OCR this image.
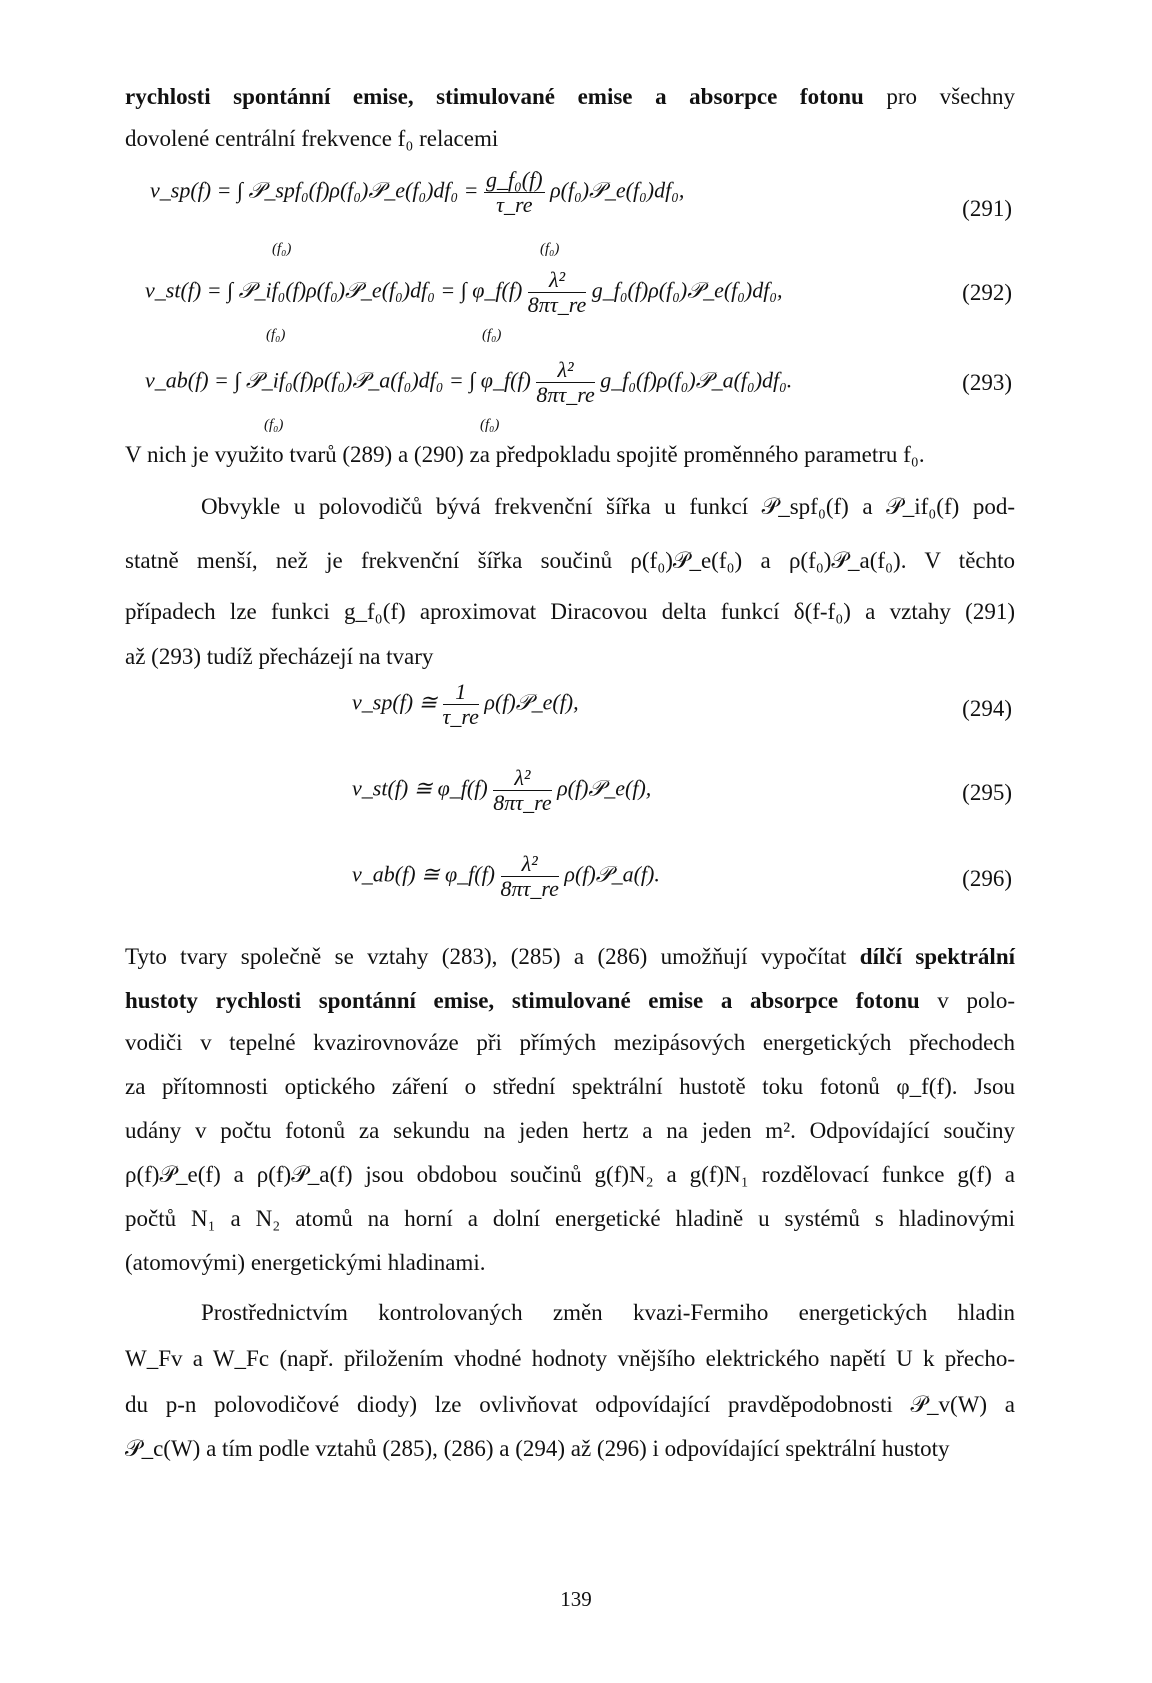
rychlosti spontánní emise, stimulované emise a absorpce fotonu pro všechny
dovolené centrální frekvence f₀ relacemi
v_sp(f) = ∫ 𝒫_spf₀(f)ρ(f₀)𝒫_e(f₀)df₀ = $\frac{\text{g\_f₀(f)}}{\tau\_re}$ ρ(f₀)𝒫_e(f₀)df₀,
(f₀)	(f₀)
(291)
v_st(f) = ∫ 𝒫_if₀(f)ρ(f₀)𝒫_e(f₀)df₀ = ∫ φ_f(f) $\frac{\text{λ²}}{8\pi\tau\_re}$ g_f₀(f)ρ(f₀)𝒫_e(f₀)df₀,
(f₀)	(f₀)
(292)
v_ab(f) = ∫ 𝒫_if₀(f)ρ(f₀)𝒫_a(f₀)df₀ = ∫ φ_f(f) $\frac{\text{λ²}}{8\pi\tau\_re}$ g_f₀(f)ρ(f₀)𝒫_a(f₀)df₀.
(f₀)	(f₀)
(293)
V nich je využito tvarů (289) a (290) za předpokladu spojitě proměnného parametru f₀.
Obvykle u polovodičů bývá frekvenční šířka u funkcí 𝒫_spf₀(f) a 𝒫_if₀(f) pod-
statně menší, než je frekvenční šířka součinů ρ(f₀)𝒫_e(f₀) a ρ(f₀)𝒫_a(f₀). V těchto
případech lze funkci g_f₀(f) aproximovat Diracovou delta funkcí δ(f-f₀) a vztahy (291)
až (293) tudíž přecházejí na tvary
v_sp(f) ≅ $\frac{1}{\tau\_re}$ ρ(f)𝒫_e(f),	(294)
v_st(f) ≅ φ_f(f) $\frac{\text{λ²}}{8\pi\tau\_re}$ ρ(f)𝒫_e(f),	(295)
v_ab(f) ≅ φ_f(f) $\frac{\text{λ²}}{8\pi\tau\_re}$ ρ(f)𝒫_a(f).	(296)
Tyto tvary společně se vztahy (283), (285) a (286) umožňují vypočítat dílčí spektrální
hustoty rychlosti spontánní emise, stimulované emise a absorpce fotonu v polo-
vodiči v tepelné kvazirovnováze při přímých mezipásových energetických přechodech
za přítomnosti optického záření o střední spektrální hustotě toku fotonů φ_f(f). Jsou
udány v počtu fotonů za sekundu na jeden hertz a na jeden m². Odpovídající součiny
ρ(f)𝒫_e(f) a ρ(f)𝒫_a(f) jsou obdobou součinů g(f)N₂ a g(f)N₁ rozdělovací funkce g(f) a
počtů N₁ a N₂ atomů na horní a dolní energetické hladině u systémů s hladinovými
(atomovými) energetickými hladinami.
Prostřednictvím kontrolovaných změn kvazi-Fermiho energetických hladin
W_Fv a W_Fc (např. přiložením vhodné hodnoty vnějšího elektrického napětí U k přecho-
du p-n polovodičové diody) lze ovlivňovat odpovídající pravděpodobnosti 𝒫_v(W) a
𝒫_c(W) a tím podle vztahů (285), (286) a (294) až (296) i odpovídající spektrální hustoty
139
